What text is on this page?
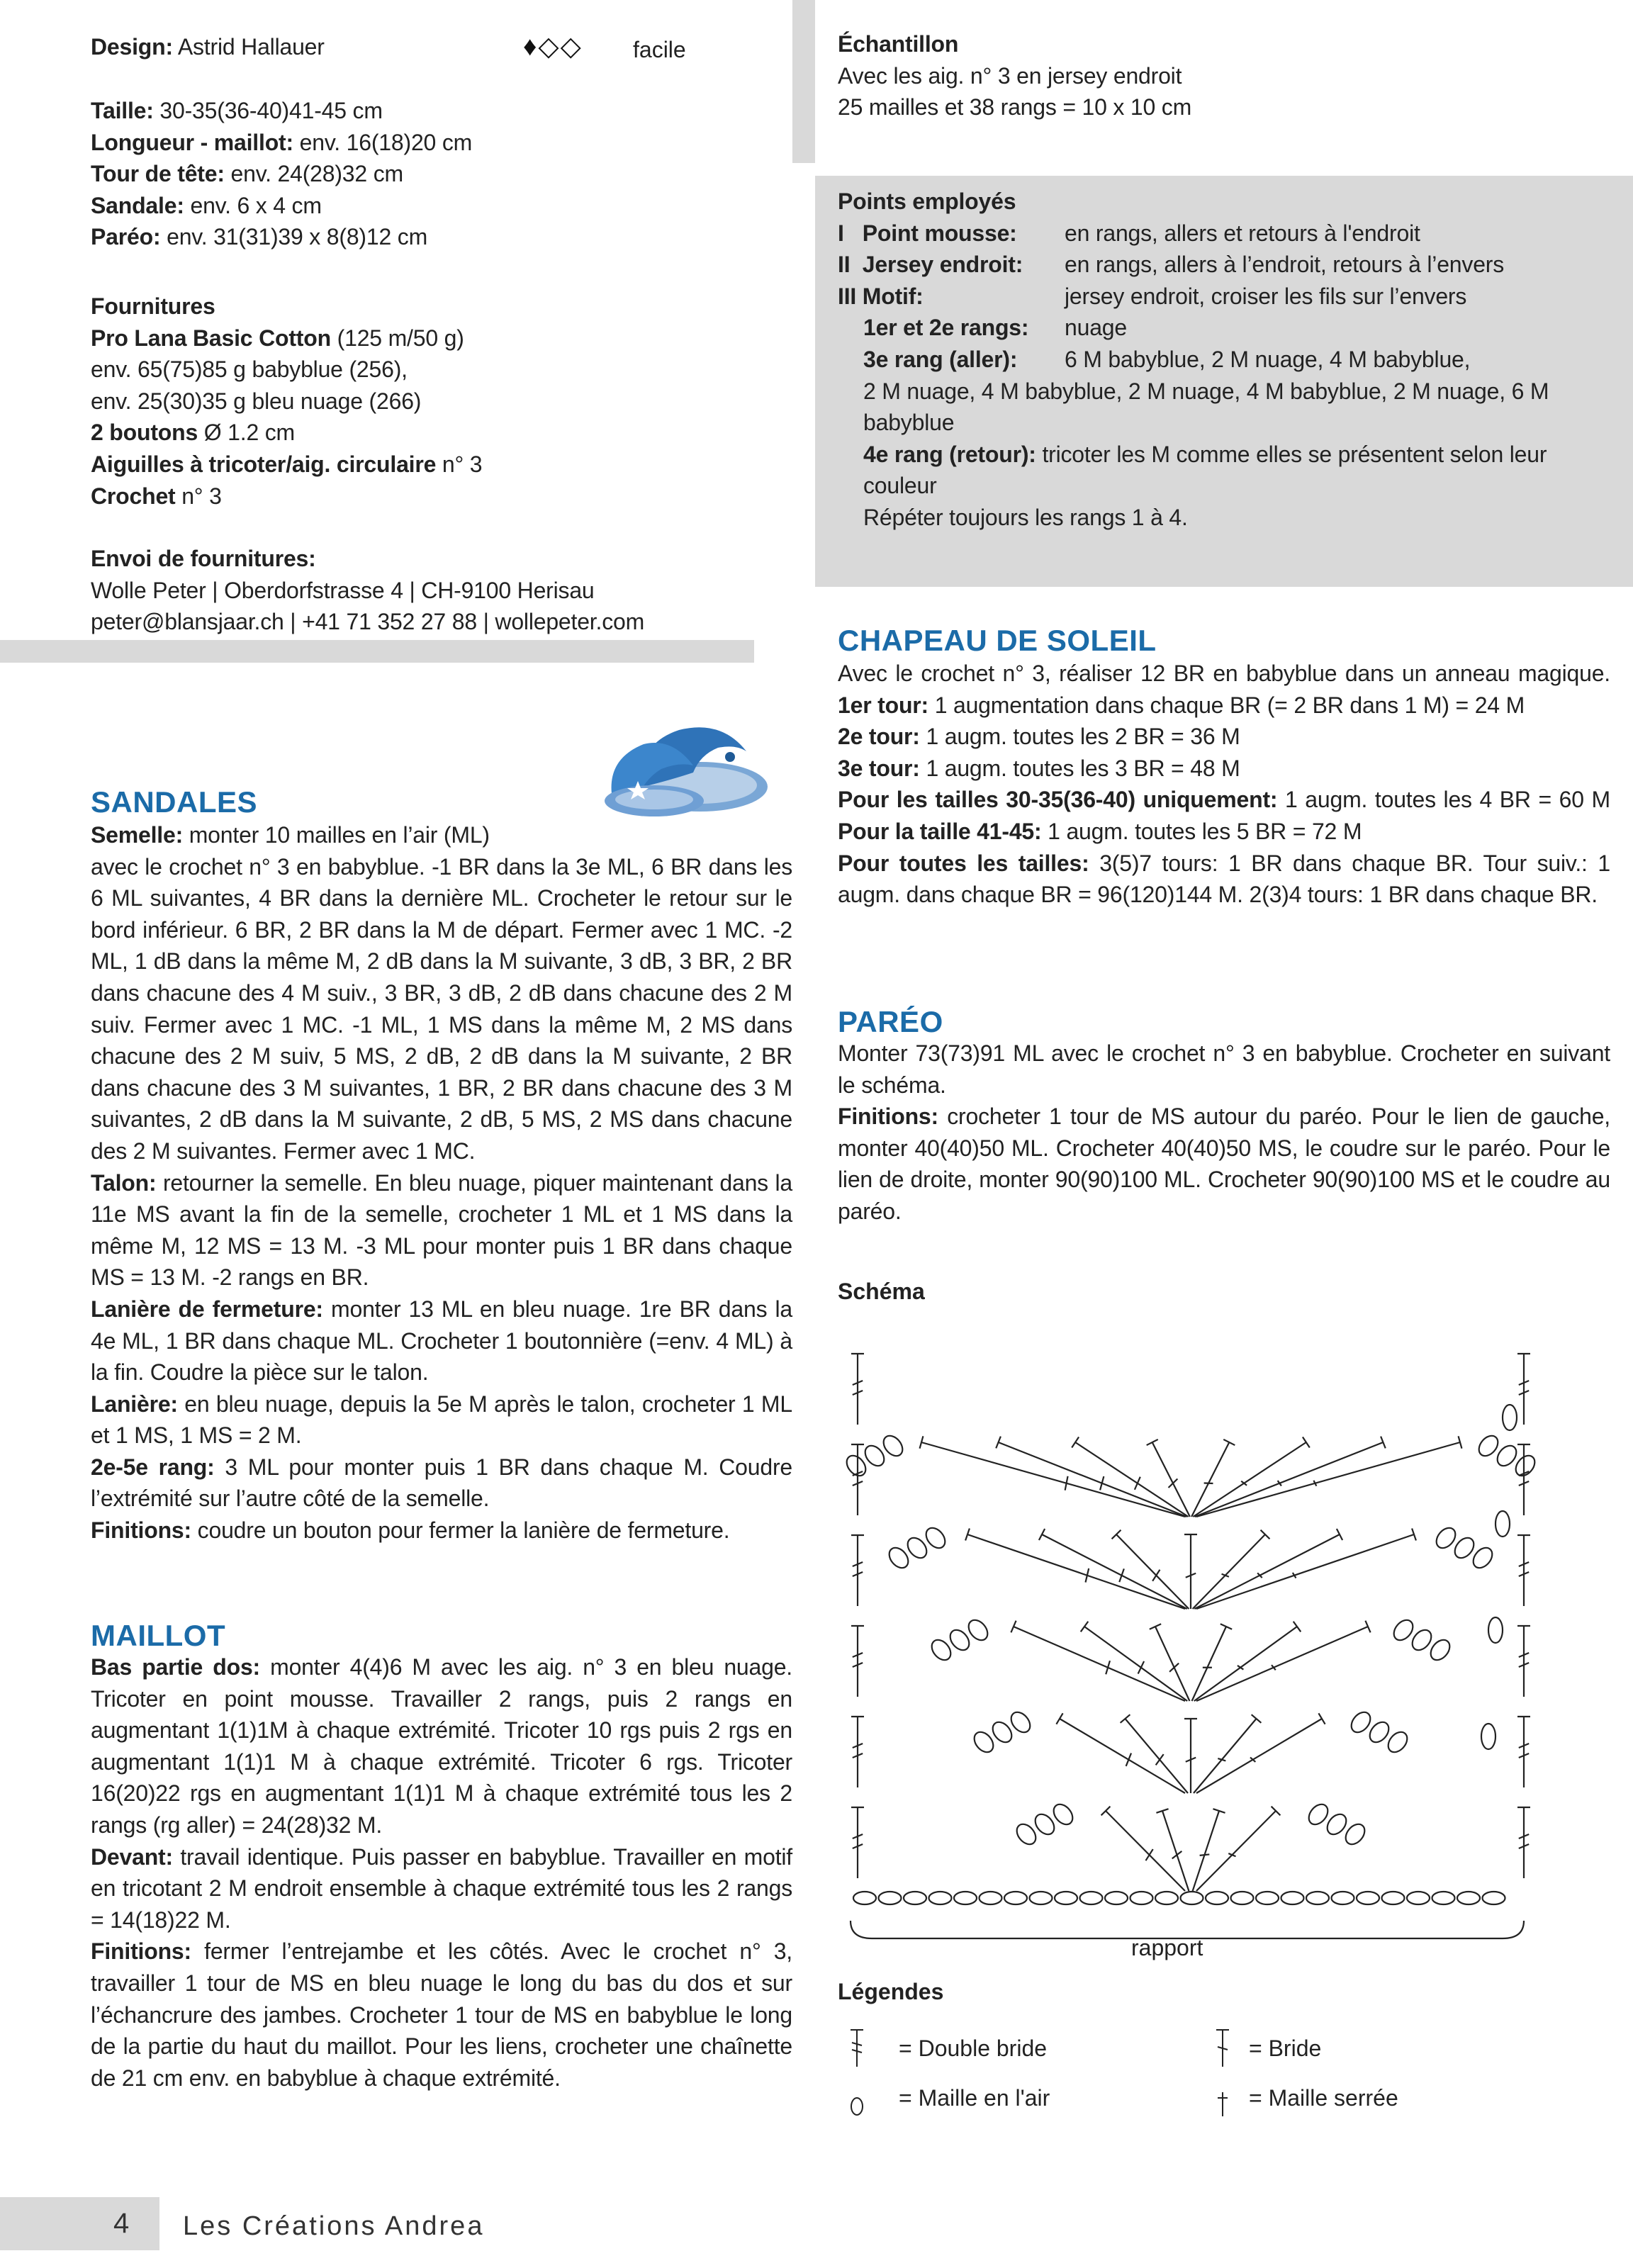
Design: Astrid Hallauer	♦◇◇ facile

Taille: 30-35(36-40)41-45 cm

Longueur - maillot: env. 16(18)20 cm

Tour de tête: env. 24(28)32 cm

Sandale: env. 6 x 4 cm

Paréo: env. 31(31)39 x 8(8)12 cm

Fournitures

Pro Lana Basic Cotton (125 m/50 g)

env. 65(75)85 g babyblue (256),

env. 25(30)35 g bleu nuage (266)

2 boutons Ø 1.2 cm

Aiguilles à tricoter/aig. circulaire n° 3

Crochet n° 3

Envoi de fournitures:

Wolle Peter | Oberdorfstrasse 4 | CH-9100 Herisau

peter@blansjaar.ch | +41 71 352 27 88 | wollepeter.com

SANDALES

Semelle: monter 10 mailles en l’air (ML)

avec le crochet n° 3 en babyblue. -1 BR dans la 3e ML, 6 BR dans les 6 ML suivantes, 4 BR dans la dernière ML. Crocheter le retour sur le bord inférieur. 6 BR, 2 BR dans la M de départ. Fermer avec 1 MC. -2 ML, 1 dB dans la même M, 2 dB dans la M suivante, 3 dB, 3 BR, 2 BR dans chacune des 4 M suiv., 3 BR, 3 dB, 2 dB dans chacune des 2 M suiv. Fermer avec 1 MC. -1 ML, 1 MS dans la même M, 2 MS dans chacune des 2 M suiv, 5 MS, 2 dB, 2 dB dans la M suivante, 2 BR dans chacune des 3 M suivantes, 1 BR, 2 BR dans chacune des 3 M suivantes, 2 dB dans la M suivante, 2 dB, 5 MS, 2 MS dans chacune des 2 M suivantes. Fermer avec 1 MC.

Talon: retourner la semelle. En bleu nuage, piquer maintenant dans la 11e MS avant la fin de la semelle, crocheter 1 ML et 1 MS dans la même M, 12 MS = 13 M. -3 ML pour monter puis 1 BR dans chaque MS = 13 M. -2 rangs en BR.

Lanière de fermeture: monter 13 ML en bleu nuage. 1re BR dans la 4e ML, 1 BR dans chaque ML. Crocheter 1 boutonnière (=env. 4 ML) à la fin. Coudre la pièce sur le talon.

Lanière: en bleu nuage, depuis la 5e M après le talon, crocheter 1 ML et 1 MS, 1 MS = 2 M.

2e-5e rang: 3 ML pour monter puis 1 BR dans chaque M. Coudre l’extrémité sur l’autre côté de la semelle.

Finitions: coudre un bouton pour fermer la lanière de fermeture.

MAILLOT

Bas partie dos: monter 4(4)6 M avec les aig. n° 3 en bleu nuage. Tricoter en point mousse. Travailler 2 rangs, puis 2 rangs en augmentant 1(1)1M à chaque extrémité. Tricoter 10 rgs puis 2 rgs en augmentant 1(1)1 M à chaque extrémité. Tricoter 6 rgs. Tricoter 16(20)22 rgs en augmentant 1(1)1 M à chaque extrémité tous les 2 rangs (rg aller) = 24(28)32 M.

Devant: travail identique. Puis passer en babyblue. Travailler en motif en tricotant 2 M endroit ensemble à chaque extrémité tous les 2 rangs = 14(18)22 M.

Finitions: fermer l’entrejambe et les côtés. Avec le crochet n° 3, travailler 1 tour de MS en bleu nuage le long du bas du dos et sur l’échancrure des jambes. Crocheter 1 tour de MS en babyblue le long de la partie du haut du maillot. Pour les liens, crocheter une chaînette de 21 cm env. en babyblue à chaque extrémité.

Échantillon

Avec les aig. n° 3 en jersey endroit

25 mailles et 38 rangs = 10 x 10 cm

Points employés

I   Point mousse:	en rangs, allers et retours à l'endroit
II  Jersey endroit:	en rangs, allers à l’endroit, retours à l’envers
III Motif:	jersey endroit, croiser les fils sur l’envers
1er et 2e rangs:	nuage
3e rang (aller):	6 M babyblue, 2 M nuage, 4 M babyblue,

2 M nuage, 4 M babyblue, 2 M nuage, 4 M babyblue, 2 M nuage, 6 M babyblue

4e rang (retour): tricoter les M comme elles se présentent selon leur couleur

Répéter toujours les rangs 1 à 4.

CHAPEAU DE SOLEIL

Avec le crochet n° 3, réaliser 12 BR en babyblue dans un anneau magique. 1er tour: 1 augmentation dans chaque BR (= 2 BR dans 1 M) = 24 M

2e tour: 1 augm. toutes les 2 BR = 36 M

3e tour: 1 augm. toutes les 3 BR = 48 M

Pour les tailles 30-35(36-40) uniquement: 1 augm. toutes les 4 BR = 60 M Pour la taille 41-45: 1 augm. toutes les 5 BR = 72 M

Pour toutes les tailles: 3(5)7 tours: 1 BR dans chaque BR. Tour suiv.: 1 augm. dans chaque BR = 96(120)144 M. 2(3)4 tours: 1 BR dans chaque BR.

PARÉO

Monter 73(73)91 ML avec le crochet n° 3 en babyblue. Crocheter en suivant le schéma.

Finitions: crocheter 1 tour de MS autour du paréo. Pour le lien de gauche, monter 40(40)50 ML. Crocheter 40(40)50 MS, le coudre sur le paréo. Pour le lien de droite, monter 90(90)100 ML. Crocheter 90(90)100 MS et le coudre au paréo.

Schéma
rapport
Légendes
= Double bride	= Bride
= Maille en l'air	= Maille serrée
4 Les Créations Andrea
